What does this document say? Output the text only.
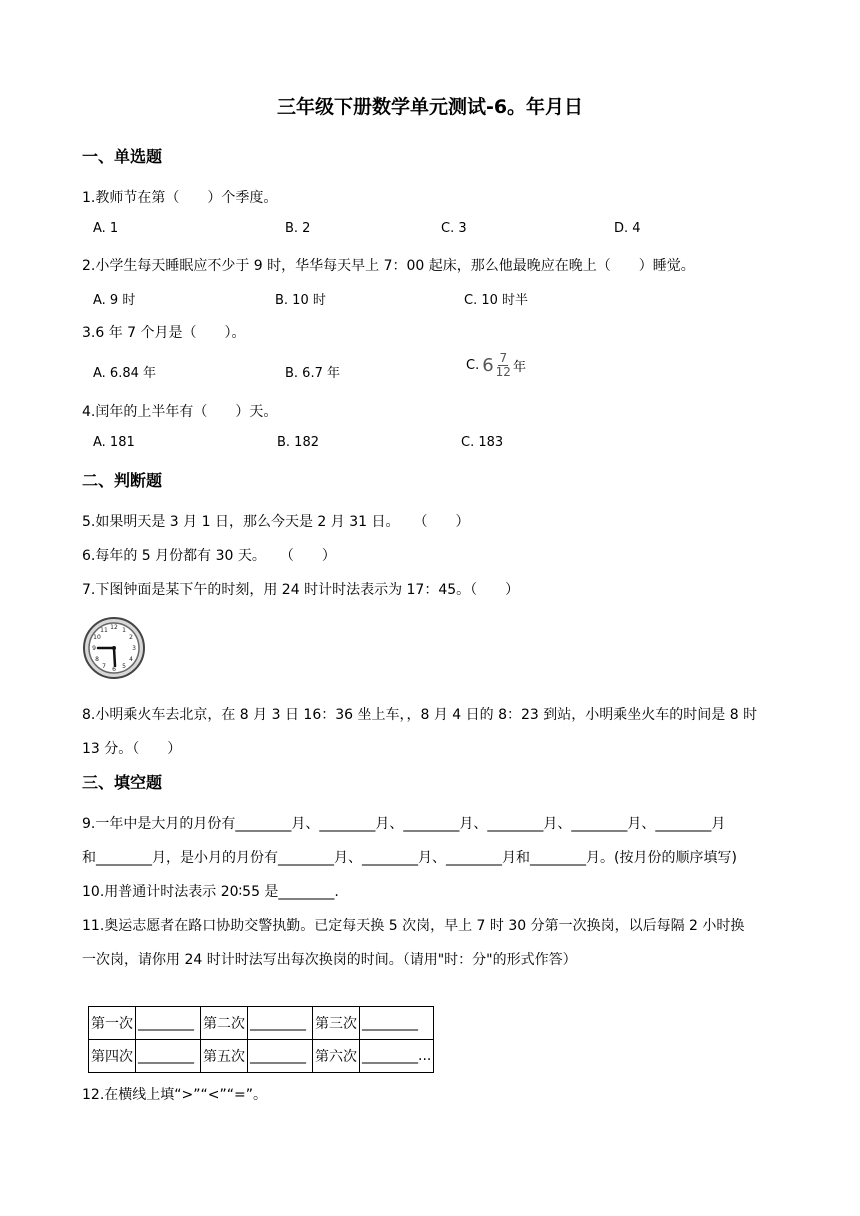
三年级下册数学单元测试-6。年月日
一、单选题
1.教师节在第（　　）个季度。
A. 1	B. 2	C. 3	D. 4
2.小学生每天睡眠应不少于 9 时，华华每天早上 7：00 起床，那么他最晚应在晚上（　　）睡觉。
A. 9 时	B. 10 时	C. 10 时半
3.6 年 7 个月是（　　）。
A. 6.84 年	B. 6.7 年
C. $6 \frac{7}{12}$ 年
4.闰年的上半年有（　　）天。
A. 181	B. 182	C. 183
二、判断题
5.如果明天是 3 月 1 日，那么今天是 2 月 31 日。　　（　　）
6.每年的 5 月份都有 30 天。　　（　　）
7.下图钟面是某下午的时刻，用 24 时计时法表示为 17：45。（　　）
12 1
2
3
4
5
6
7
8
9
10
11
8.小明乘火车去北京，在 8 月 3 日 16：36 坐上车，，8 月 4 日的 8：23 到站，小明乘坐火车的时间是 8 时
13 分。（　　）
三、填空题
9.一年中是大月的月份有________月、________月、________月、________月、________月、________月
和________月，是小月的月份有________月、________月、________月和________月。(按月份的顺序填写)
10.用普通计时法表示 20∶55 是________.
11.奥运志愿者在路口协助交警执勤。已定每天换 5 次岗，早上 7 时 30 分第一次换岗，以后每隔 2 小时换
一次岗，请你用 24 时计时法写出每次换岗的时间。（请用"时：分"的形式作答）
第一次	________	第二次	________	第三次	________
第四次	________	第五次	________	第六次	________...
12.在横线上填“>”“<”“=”。
